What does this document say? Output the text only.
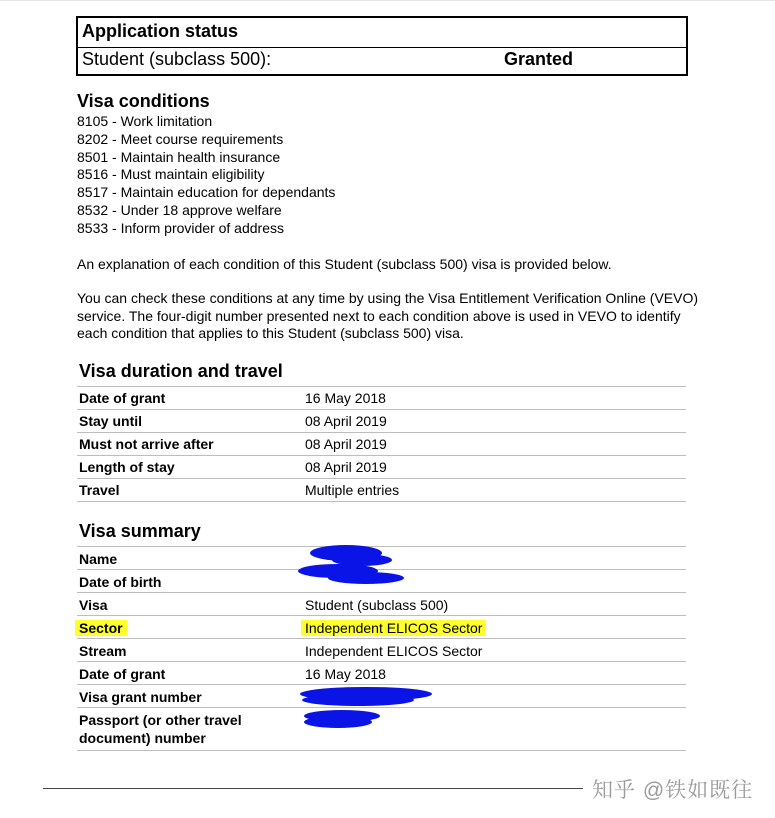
Application status
Student (subclass 500):	Granted
Visa conditions
8105 - Work limitation
8202 - Meet course requirements
8501 - Maintain health insurance
8516 - Must maintain eligibility
8517 - Maintain education for dependants
8532 - Under 18 approve welfare
8533 - Inform provider of address

An explanation of each condition of this Student (subclass 500) visa is provided below.

You can check these conditions at any time by using the Visa Entitlement Verification Online (VEVO) service. The four-digit number presented next to each condition above is used in VEVO to identify each condition that applies to this Student (subclass 500) visa.

Visa duration and travel
Date of grant	16 May 2018
Stay until	08 April 2019
Must not arrive after	08 April 2019
Length of stay	08 April 2019
Travel	Multiple entries
Visa summary
Name
Date of birth
Visa	Student (subclass 500)
Sector	Independent ELICOS Sector
Stream	Independent ELICOS Sector
Date of grant	16 May 2018
Visa grant number
Passport (or other travel
document) number
知乎 @铁如既往
